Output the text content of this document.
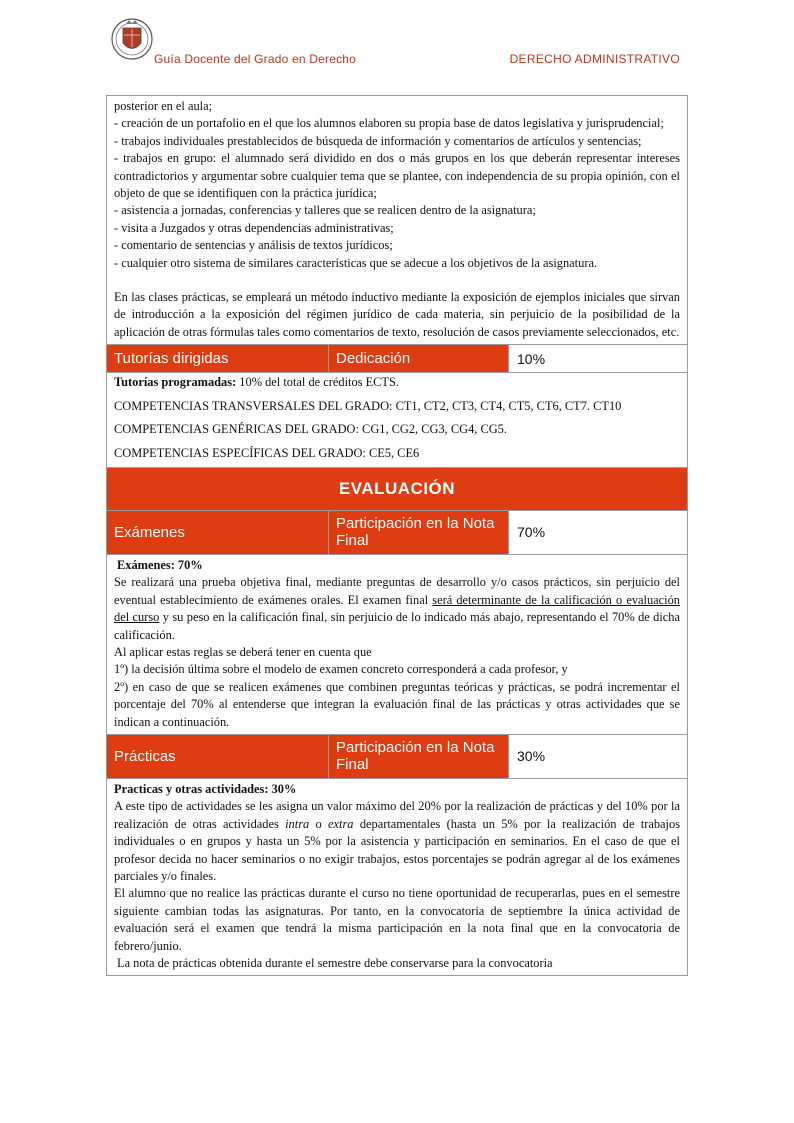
Guía Docente del Grado en Derecho	DERECHO ADMINISTRATIVO

posterior en el aula;

- creación de un portafolio en el que los alumnos elaboren su propia base de datos legislativa y jurisprudencial;

- trabajos individuales prestablecidos de búsqueda de información y comentarios de artículos y sentencias;

- trabajos en grupo: el alumnado será dividido en dos o más grupos en los que deberán representar intereses contradictorios y argumentar sobre cualquier tema que se plantee, con independencia de su propia opinión, con el objeto de que se identifiquen con la práctica jurídica;

- asistencia a jornadas, conferencias y talleres que se realicen dentro de la asignatura;

- visita a Juzgados y otras dependencias administrativas;

- comentario de sentencias y análisis de textos jurídicos;

- cualquier otro sistema de similares características que se adecue a los objetivos de la asignatura.

En las clases prácticas, se empleará un método inductivo mediante la exposición de ejemplos iniciales que sirvan de introducción a la exposición del régimen jurídico de cada materia, sin perjuicio de la posibilidad de la aplicación de otras fórmulas tales como comentarios de texto, resolución de casos previamente seleccionados, etc.

Tutorías dirigidas	Dedicación	10%

Tutorías programadas: 10% del total de créditos ECTS.

COMPETENCIAS TRANSVERSALES DEL GRADO: CT1, CT2, CT3, CT4, CT5, CT6, CT7. CT10

COMPETENCIAS GENÉRICAS DEL GRADO: CG1, CG2, CG3, CG4, CG5.

COMPETENCIAS ESPECÍFICAS DEL GRADO: CE5, CE6

EVALUACIÓN
Exámenes	Participación en la Nota Final	70%

Exámenes: 70%

Se realizará una prueba objetiva final, mediante preguntas de desarrollo y/o casos prácticos, sin perjuicio del eventual establecimiento de exámenes orales. El examen final será determinante de la calificación o evaluación del curso y su peso en la calificación final, sin perjuicio de lo indicado más abajo, representando el 70% de dicha calificación.

Al aplicar estas reglas se deberá tener en cuenta que

1º) la decisión última sobre el modelo de examen concreto corresponderá a cada profesor, y

2º) en caso de que se realicen exámenes que combinen preguntas teóricas y prácticas, se podrá incrementar el porcentaje del 70% al entenderse que integran la evaluación final de las prácticas y otras actividades que se indican a continuación.

Prácticas	Participación en la Nota Final	30%

Practicas y otras actividades: 30%

A este tipo de actividades se les asigna un valor máximo del 20% por la realización de prácticas y del 10% por la realización de otras actividades intra o extra departamentales (hasta un 5% por la realización de trabajos individuales o en grupos y hasta un 5% por la asistencia y participación en seminarios. En el caso de que el profesor decida no hacer seminarios o no exigir trabajos, estos porcentajes se podrán agregar al de los exámenes parciales y/o finales.

El alumno que no realice las prácticas durante el curso no tiene oportunidad de recuperarlas, pues en el semestre siguiente cambian todas las asignaturas. Por tanto, en la convocatoria de septiembre la única actividad de evaluación será el examen que tendrá la misma participación en la nota final que en la convocatoria de febrero/junio.

La nota de prácticas obtenida durante el semestre debe conservarse para la convocatoria
